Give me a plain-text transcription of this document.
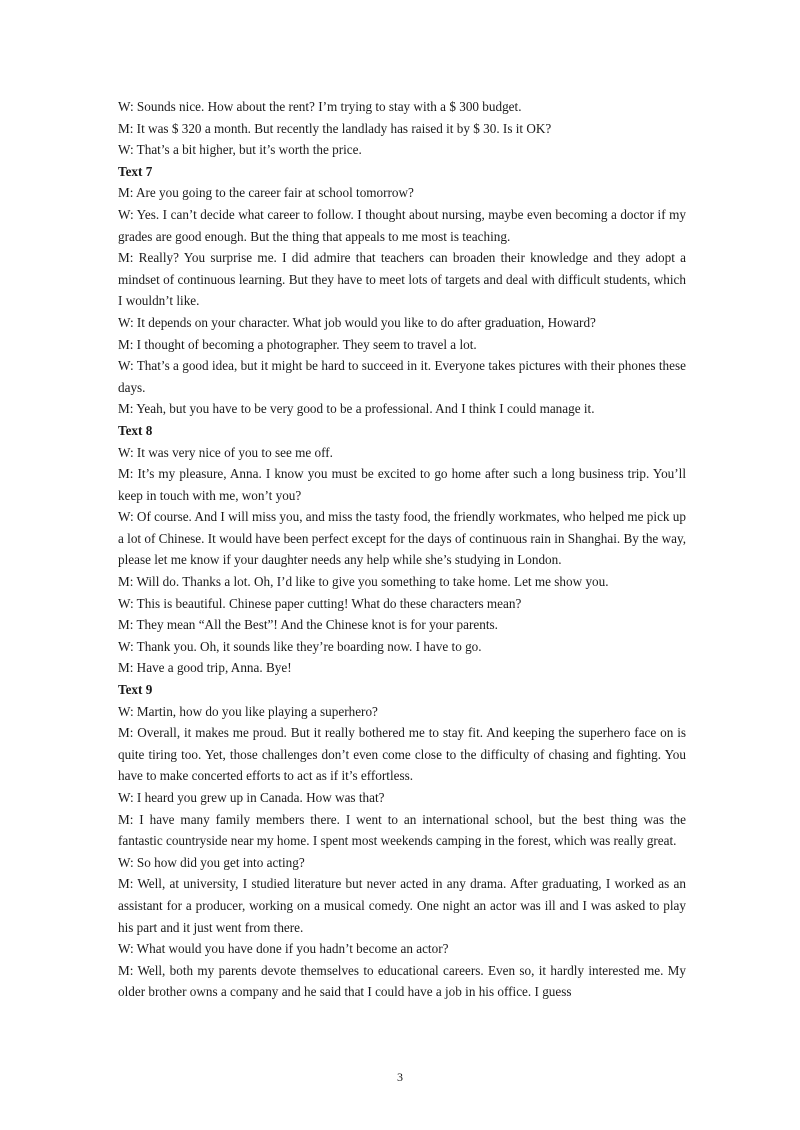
W: Sounds nice. How about the rent? I’m trying to stay with a $ 300 budget.
M: It was $ 320 a month. But recently the landlady has raised it by $ 30. Is it OK?
W: That’s a bit higher, but it’s worth the price.
Text 7
M: Are you going to the career fair at school tomorrow?
W: Yes. I can’t decide what career to follow. I thought about nursing, maybe even becoming a doctor if my grades are good enough. But the thing that appeals to me most is teaching.
M: Really? You surprise me. I did admire that teachers can broaden their knowledge and they adopt a mindset of continuous learning. But they have to meet lots of targets and deal with difficult students, which I wouldn’t like.
W: It depends on your character. What job would you like to do after graduation, Howard?
M: I thought of becoming a photographer. They seem to travel a lot.
W: That’s a good idea, but it might be hard to succeed in it. Everyone takes pictures with their phones these days.
M: Yeah, but you have to be very good to be a professional. And I think I could manage it.
Text 8
W: It was very nice of you to see me off.
M: It’s my pleasure, Anna. I know you must be excited to go home after such a long business trip. You’ll keep in touch with me, won’t you?
W: Of course. And I will miss you, and miss the tasty food, the friendly workmates, who helped me pick up a lot of Chinese. It would have been perfect except for the days of continuous rain in Shanghai. By the way, please let me know if your daughter needs any help while she’s studying in London.
M: Will do. Thanks a lot. Oh, I’d like to give you something to take home. Let me show you.
W: This is beautiful. Chinese paper cutting! What do these characters mean?
M: They mean “All the Best”! And the Chinese knot is for your parents.
W: Thank you. Oh, it sounds like they’re boarding now. I have to go.
M: Have a good trip, Anna. Bye!
Text 9
W: Martin, how do you like playing a superhero?
M: Overall, it makes me proud. But it really bothered me to stay fit. And keeping the superhero face on is quite tiring too. Yet, those challenges don’t even come close to the difficulty of chasing and fighting. You have to make concerted efforts to act as if it’s effortless.
W: I heard you grew up in Canada. How was that?
M: I have many family members there. I went to an international school, but the best thing was the fantastic countryside near my home. I spent most weekends camping in the forest, which was really great.
W: So how did you get into acting?
M: Well, at university, I studied literature but never acted in any drama. After graduating, I worked as an assistant for a producer, working on a musical comedy. One night an actor was ill and I was asked to play his part and it just went from there.
W: What would you have done if you hadn’t become an actor?
M: Well, both my parents devote themselves to educational careers. Even so, it hardly interested me. My older brother owns a company and he said that I could have a job in his office. I guess
3
